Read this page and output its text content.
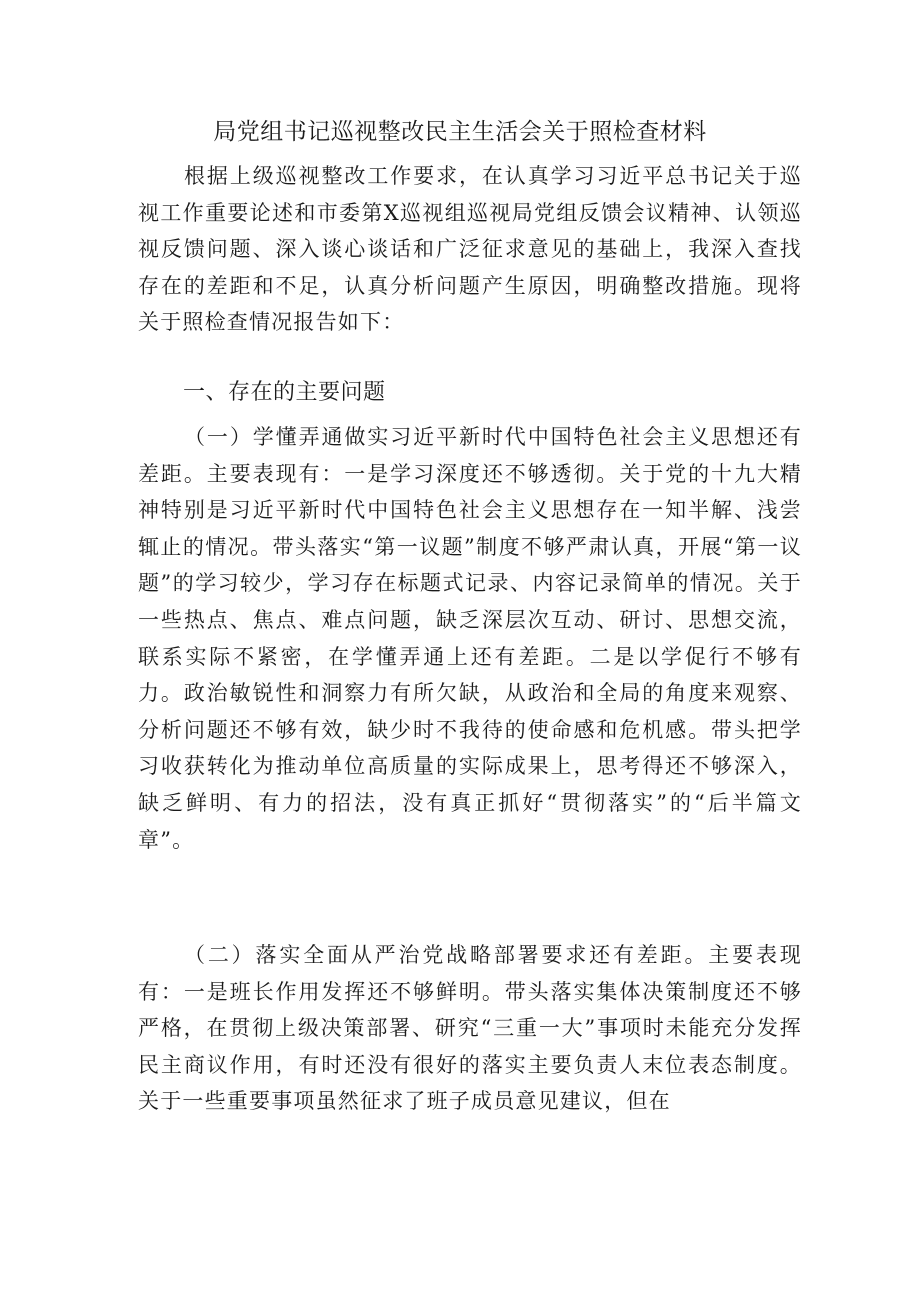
局党组书记巡视整改民主生活会关于照检查材料

根据上级巡视整改工作要求，在认真学习习近平总书记关于巡视工作重要论述和市委第X巡视组巡视局党组反馈会议精神、认领巡视反馈问题、深入谈心谈话和广泛征求意见的基础上，我深入查找存在的差距和不足，认真分析问题产生原因，明确整改措施。现将关于照检查情况报告如下：

一、存在的主要问题

（一）学懂弄通做实习近平新时代中国特色社会主义思想还有差距。主要表现有：一是学习深度还不够透彻。关于党的十九大精神特别是习近平新时代中国特色社会主义思想存在一知半解、浅尝辄止的情况。带头落实“第一议题”制度不够严肃认真，开展“第一议题”的学习较少，学习存在标题式记录、内容记录简单的情况。关于一些热点、焦点、难点问题，缺乏深层次互动、研讨、思想交流，联系实际不紧密，在学懂弄通上还有差距。二是以学促行不够有力。政治敏锐性和洞察力有所欠缺，从政治和全局的角度来观察、分析问题还不够有效，缺少时不我待的使命感和危机感。带头把学习收获转化为推动单位高质量的实际成果上，思考得还不够深入，缺乏鲜明、有力的招法，没有真正抓好“贯彻落实”的“后半篇文章”。

（二）落实全面从严治党战略部署要求还有差距。主要表现有：一是班长作用发挥还不够鲜明。带头落实集体决策制度还不够严格，在贯彻上级决策部署、研究“三重一大”事项时未能充分发挥民主商议作用，有时还没有很好的落实主要负责人末位表态制度。关于一些重要事项虽然征求了班子成员意见建议，但在
